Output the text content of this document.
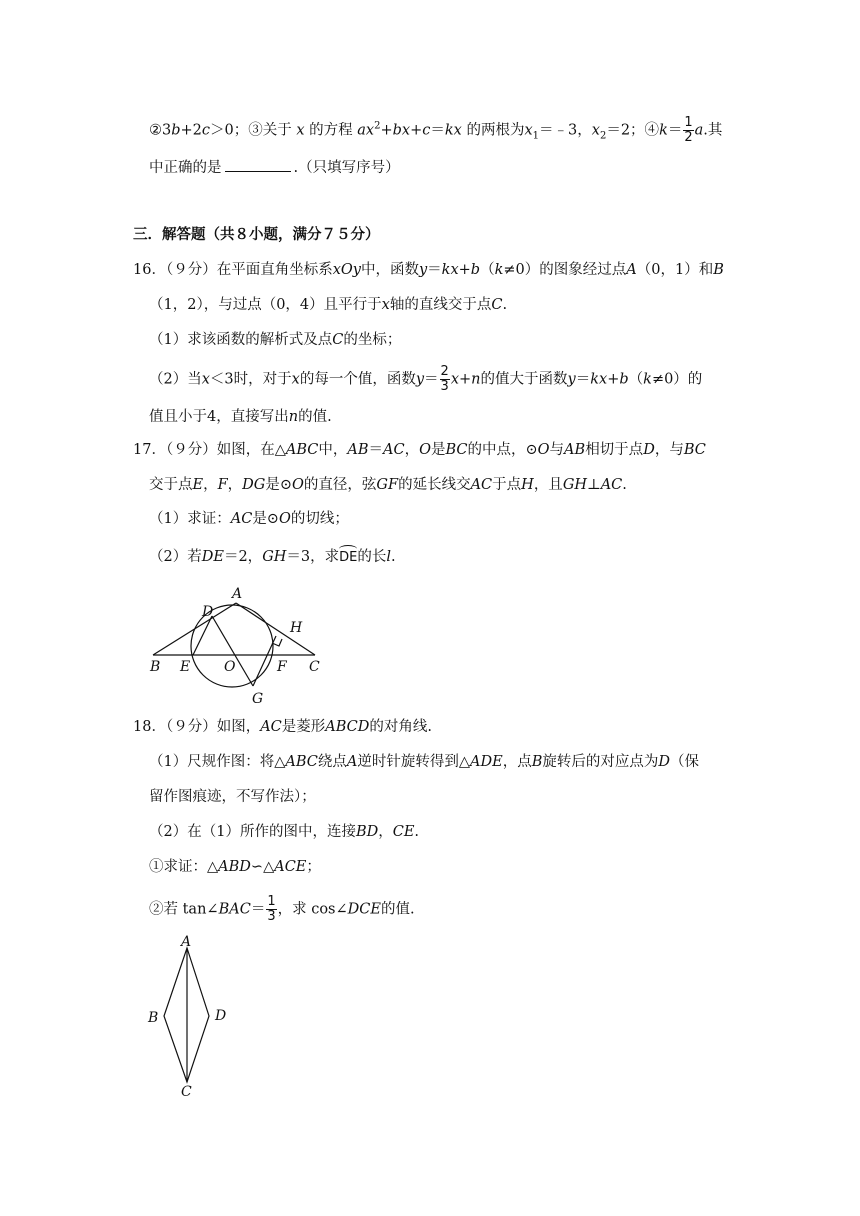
②3b+2c＞0；③关于 x 的方程 $ax^2+bx+c=kx$ 的两根为$x_1=﹣3$，$x_2=2$；④k＝ $\frac{1}{2} a$.其
中正确的是	.（只填写序号）
三．解答题（共８小题，满分７５分）
16．（９分）在平面直角坐标系xOy中，函数y＝kx+b（k≠0）的图象经过点A（0，1）和B
（1，2），与过点（0，4）且平行于x轴的直线交于点C.
（1）求该函数的解析式及点C的坐标；
（2）当x＜3时，对于x的每一个值，函数$y= \frac{2}{3} x+n$的值大于函数y＝kx+b（k≠0）的
值且小于4，直接写出n的值.
17．（９分）如图，在△ABC中，AB＝AC，O是BC的中点，⊙O与AB相切于点D，与BC
交于点E，F，DG是⊙O的直径，弦GF的延长线交AC于点H，且GH⊥AC.
（1）求证：AC是⊙O的切线；
（2）若DE＝2，GH＝3，求DE的长l.
A
D
H
B E O	F C
G
18．（９分）如图，AC是菱形ABCD的对角线.
（1）尺规作图：将△ABC绕点A逆时针旋转得到△ADE，点B旋转后的对应点为D（保
留作图痕迹，不写作法）；
（2）在（1）所作的图中，连接BD，CE.
①求证：△ABD∽△ACE；
②若 tan∠BAC＝ $\frac{1}{3}$ ，求 cos∠DCE的值.
A
B	D
C
